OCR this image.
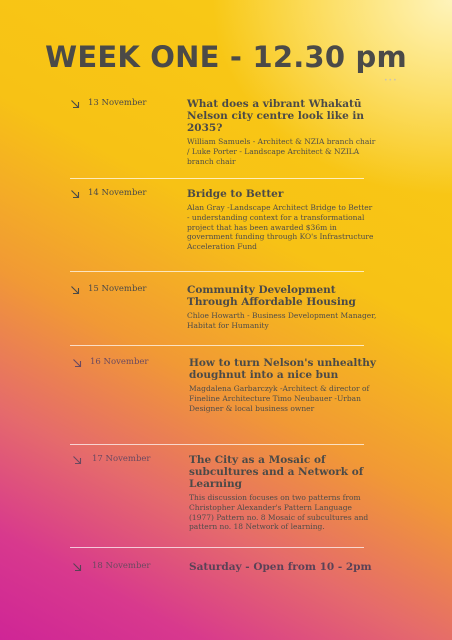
WEEK ONE - 12.30 pm
•••
13 November	What does a vibrant Whakatū Nelson city centre look like in 2035?

William Samuels - Architect & NZIA branch chair / Luke Porter - Landscape Architect & NZILA branch chair

14 November	Bridge to Better

Alan Gray -Landscape Architect Bridge to Better - understanding context for a transformational project that has been awarded $36m in government funding through KO's Infrastructure Acceleration Fund

15 November	Community Development Through Affordable Housing

Chloe Howarth - Business Development Manager, Habitat for Humanity

16 November	How to turn Nelson's unhealthy doughnut into a nice bun

Magdalena Garbarczyk -Architect & director of Fineline Architecture Timo Neubauer -Urban Designer & local business owner

17 November	The City as a Mosaic of subcultures and a Network of Learning

This discussion focuses on two patterns from Christopher Alexander's Pattern Language (1977) Pattern no. 8 Mosaic of subcultures and pattern no. 18 Network of learning.

18 November	Saturday - Open from 10 - 2pm
